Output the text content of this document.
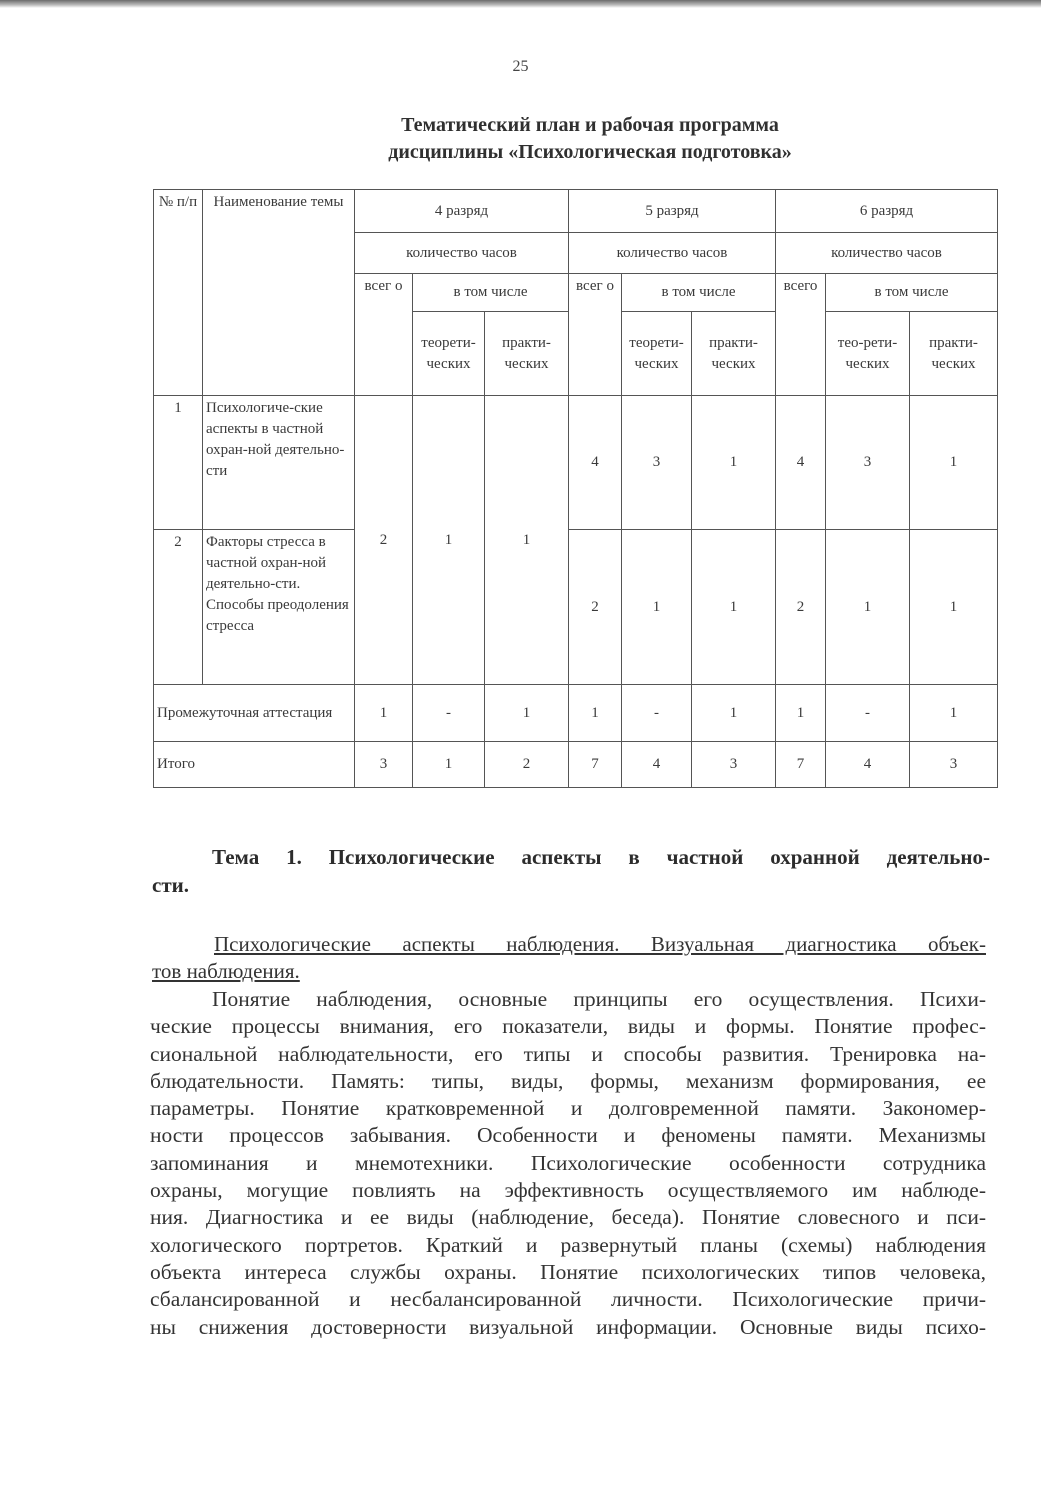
25
Тематический план и рабочая программа
дисциплины «Психологическая подготовка»
№ п/п	Наименование темы	4 разряд			5 разряд			6 разряд		
		количество часов			количество часов			количество часов		
		всег о	в том числе		всег о	в том числе		всего	в том числе	
			теорети-ческих	практи-ческих		теорети-ческих	практи-ческих		тео-рети-ческих	практи-ческих
1	Психологиче-ские аспекты в частной охран-ной деятельно-сти	2	1	1	4	3	1	4	3	1
2	Факторы стресса в частной охран-ной деятельно-сти. Способы преодоления стресса				2	1	1	2	1	1
Промежуточная аттестация		1	-	1	1	-	1	1	-	1
Итого		3	1	2	7	4	3	7	4	3
Тема 1. Психологические аспекты в частной охранной деятельно-
сти.
Психологические аспекты наблюдения. Визуальная диагностика объек-
тов наблюдения.
Понятие наблюдения, основные принципы его осуществления. Психи-
ческие процессы внимания, его показатели, виды и формы. Понятие профес-
сиональной наблюдательности, его типы и способы развития. Тренировка на-
блюдательности. Память: типы, виды, формы, механизм формирования, ее
параметры. Понятие кратковременной и долговременной памяти. Закономер-
ности процессов забывания. Особенности и феномены памяти. Механизмы
запоминания и мнемотехники. Психологические особенности сотрудника
охраны, могущие повлиять на эффективность осуществляемого им наблюде-
ния. Диагностика и ее виды (наблюдение, беседа). Понятие словесного и пси-
хологического портретов. Краткий и развернутый планы (схемы) наблюдения
объекта интереса службы охраны. Понятие психологических типов человека,
сбалансированной и несбалансированной личности. Психологические причи-
ны снижения достоверности визуальной информации. Основные виды психо-
